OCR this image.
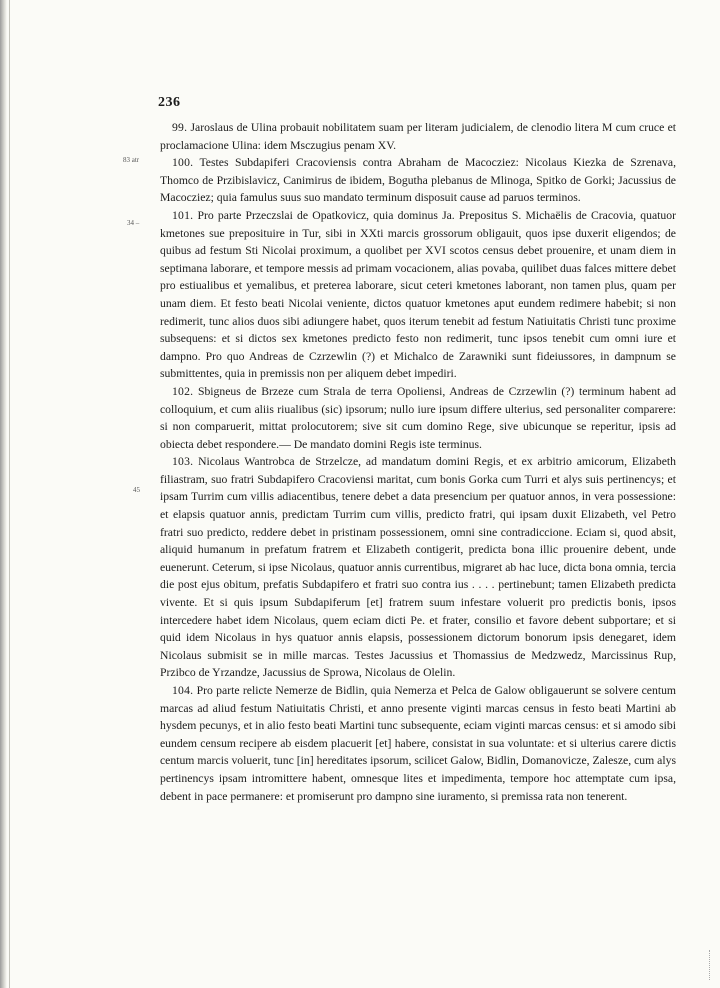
236
83 atr
34 –
45

99. Jaroslaus de Ulina probauit nobilitatem suam per literam judicialem, de clenodio litera M cum cruce et proclamacione Ulina: idem Msczugius penam XV.

100. Testes Subdapiferi Cracoviensis contra Abraham de Macocziez: Nicolaus Kiezka de Szrenava, Thomco de Przibislavicz, Canimirus de ibidem, Bogutha plebanus de Mlinoga, Spitko de Gorki; Jacussius de Macocziez; quia famulus suus suo mandato terminum disposuit cause ad paruos terminos.

101. Pro parte Przeczslai de Opatkovicz, quia dominus Ja. Prepositus S. Michaëlis de Cracovia, quatuor kmetones sue preposituire in Tur, sibi in XXti marcis grossorum obligauit, quos ipse duxerit eligendos; de quibus ad festum Sti Nicolai proximum, a quolibet per XVI scotos census debet prouenire, et unam diem in septimana laborare, et tempore messis ad primam vocacionem, alias povaba, quilibet duas falces mittere debet pro estiualibus et yemalibus, et preterea laborare, sicut ceteri kmetones laborant, non tamen plus, quam per unam diem. Et festo beati Nicolai veniente, dictos quatuor kmetones aput eundem redimere habebit; si non redimerit, tunc alios duos sibi adiungere habet, quos iterum tenebit ad festum Natiuitatis Christi tunc proxime subsequens: et si dictos sex kmetones predicto festo non redimerit, tunc ipsos tenebit cum omni iure et dampno. Pro quo Andreas de Czrzewlin (?) et Michalco de Zarawniki sunt fideiussores, in dampnum se submittentes, quia in premissis non per aliquem debet impediri.

102. Sbigneus de Brzeze cum Strala de terra Opoliensi, Andreas de Czrzewlin (?) terminum habent ad colloquium, et cum aliis riualibus (sic) ipsorum; nullo iure ipsum differe ulterius, sed personaliter comparere: si non comparuerit, mittat prolocutorem; sive sit cum domino Rege, sive ubicunque se reperitur, ipsis ad obiecta debet respondere.— De mandato domini Regis iste terminus.

103. Nicolaus Wantrobca de Strzelcze, ad mandatum domini Regis, et ex arbitrio amicorum, Elizabeth filiastram, suo fratri Subdapifero Cracoviensi maritat, cum bonis Gorka cum Turri et alys suis pertinencys; et ipsam Turrim cum villis adiacentibus, tenere debet a data presencium per quatuor annos, in vera possessione: et elapsis quatuor annis, predictam Turrim cum villis, predicto fratri, qui ipsam duxit Elizabeth, vel Petro fratri suo predicto, reddere debet in pristinam possessionem, omni sine contradiccione. Eciam si, quod absit, aliquid humanum in prefatum fratrem et Elizabeth contigerit, predicta bona illic prouenire debent, unde euenerunt. Ceterum, si ipse Nicolaus, quatuor annis currentibus, migraret ab hac luce, dicta bona omnia, tercia die post ejus obitum, prefatis Subdapifero et fratri suo contra ius . . . . pertinebunt; tamen Elizabeth predicta vivente. Et si quis ipsum Subdapiferum [et] fratrem suum infestare voluerit pro predictis bonis, ipsos intercedere habet idem Nicolaus, quem eciam dicti Pe. et frater, consilio et favore debent subportare; et si quid idem Nicolaus in hys quatuor annis elapsis, possessionem dictorum bonorum ipsis denegaret, idem Nicolaus submisit se in mille marcas. Testes Jacussius et Thomassius de Medzwedz, Marcissinus Rup, Przibco de Yrzandze, Jacussius de Sprowa, Nicolaus de Olelin.

104. Pro parte relicte Nemerze de Bidlin, quia Nemerza et Pelca de Galow obligauerunt se solvere centum marcas ad aliud festum Natiuitatis Christi, et anno presente viginti marcas census in festo beati Martini ab hysdem pecunys, et in alio festo beati Martini tunc subsequente, eciam viginti marcas census: et si amodo sibi eundem censum recipere ab eisdem placuerit [et] habere, consistat in sua voluntate: et si ulterius carere dictis centum marcis voluerit, tunc [in] hereditates ipsorum, scilicet Galow, Bidlin, Domanovicze, Zalesze, cum alys pertinencys ipsam intromittere habent, omnesque lites et impedimenta, tempore hoc attemptate cum ipsa, debent in pace permanere: et promiserunt pro dampno sine iuramento, si premissa rata non tenerent.
